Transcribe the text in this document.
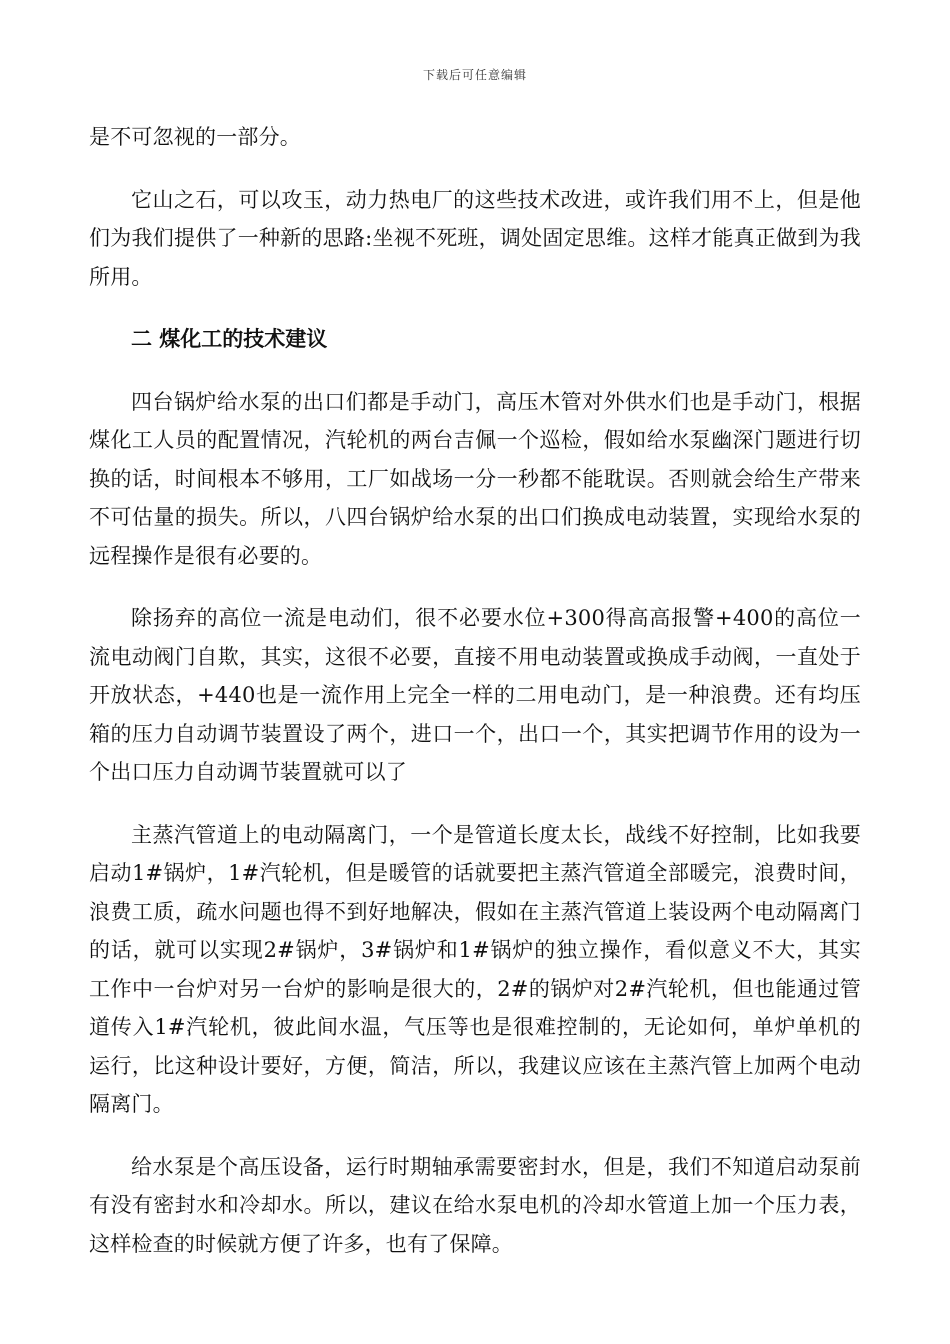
下载后可任意编辑

是不可忽视的一部分。

它山之石，可以攻玉，动力热电厂的这些技术改进，或许我们用不上，但是他们为我们提供了一种新的思路:坐视不死班，调处固定思维。这样才能真正做到为我所用。

二 煤化工的技术建议

四台锅炉给水泵的出口们都是手动门，高压木管对外供水们也是手动门，根据煤化工人员的配置情况，汽轮机的两台吉佩一个巡检，假如给水泵幽深门题进行切换的话，时间根本不够用，工厂如战场一分一秒都不能耽误。否则就会给生产带来不可估量的损失。所以，八四台锅炉给水泵的出口们换成电动装置，实现给水泵的远程操作是很有必要的。

除扬弃的高位一流是电动们，很不必要水位+300得高高报警+400的高位一流电动阀门自欺，其实，这很不必要，直接不用电动装置或换成手动阀，一直处于开放状态，+440也是一流作用上完全一样的二用电动门，是一种浪费。还有均压箱的压力自动调节装置设了两个，进口一个，出口一个，其实把调节作用的设为一个出口压力自动调节装置就可以了

主蒸汽管道上的电动隔离门，一个是管道长度太长，战线不好控制，比如我要启动1#锅炉，1#汽轮机，但是暖管的话就要把主蒸汽管道全部暖完，浪费时间，浪费工质，疏水问题也得不到好地解决，假如在主蒸汽管道上装设两个电动隔离门的话，就可以实现2#锅炉，3#锅炉和1#锅炉的独立操作，看似意义不大，其实工作中一台炉对另一台炉的影响是很大的，2#的锅炉对2#汽轮机，但也能通过管道传入1#汽轮机，彼此间水温，气压等也是很难控制的，无论如何，单炉单机的运行，比这种设计要好，方便，简洁，所以，我建议应该在主蒸汽管上加两个电动隔离门。

给水泵是个高压设备，运行时期轴承需要密封水，但是，我们不知道启动泵前有没有密封水和冷却水。所以，建议在给水泵电机的冷却水管道上加一个压力表，这样检查的时候就方便了许多，也有了保障。
